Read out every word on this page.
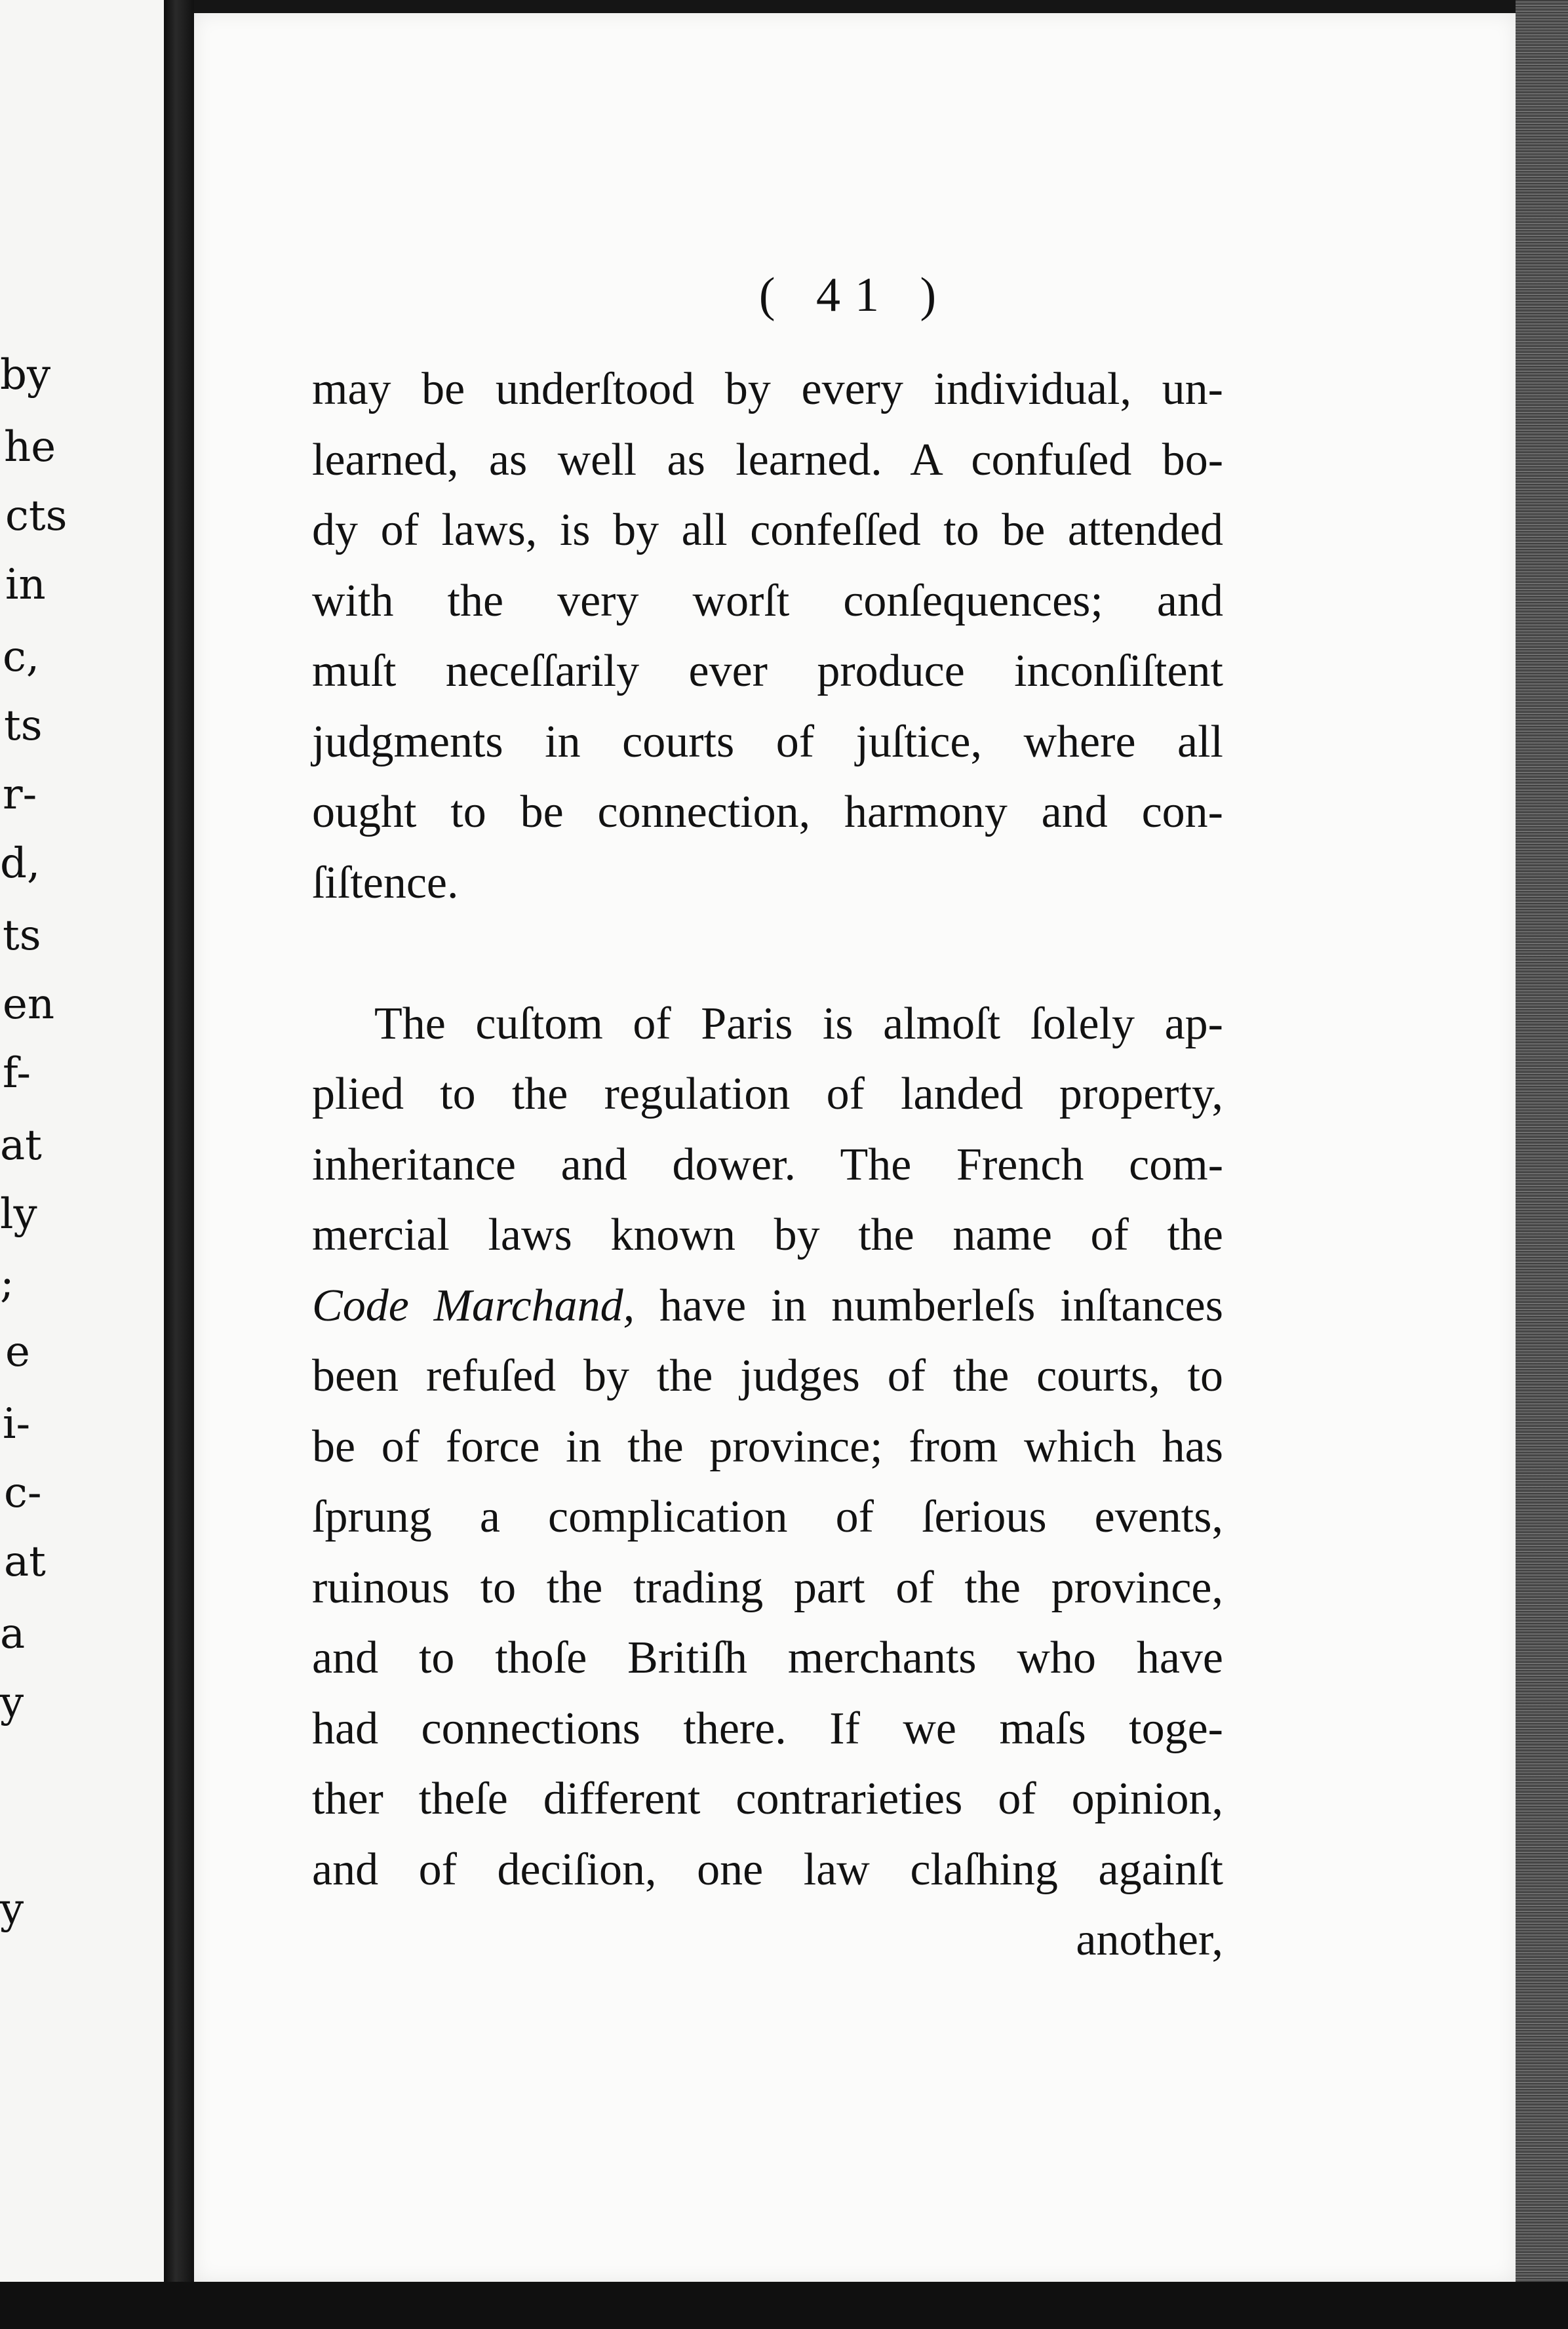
by
he
cts
in
c,
ts
r-
d,
ts
en
f-
at
ly
;
e
i-
c-
at
a
y
y
( 41 )
may be underſtood by every individual, un-
learned, as well as learned. A confuſed bo-
dy of laws, is by all confeſſed to be attended
with the very worſt conſequences; and
muſt neceſſarily ever produce inconſiſtent
judgments in courts of juſtice, where all
ought to be connection, harmony and con-
ſiſtence.
The cuſtom of Paris is almoſt ſolely ap-
plied to the regulation of landed property,
inheritance and dower. The French com-
mercial laws known by the name of the
Code Marchand, have in numberleſs inſtances
been refuſed by the judges of the courts, to
be of force in the province; from which has
ſprung a complication of ſerious events,
ruinous to the trading part of the province,
and to thoſe Britiſh merchants who have
had connections there. If we maſs toge-
ther theſe different contrarieties of opinion,
and of deciſion, one law claſhing againſt
another,
